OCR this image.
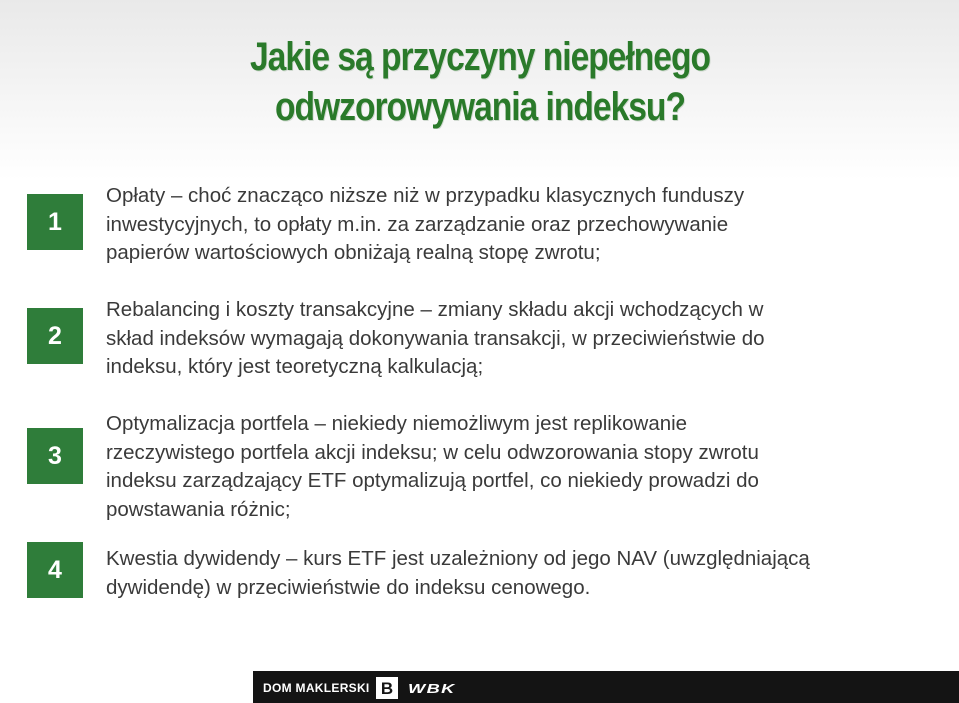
Jakie są przyczyny niepełnego
odwzorowywania indeksu?
1
Opłaty – choć znacząco niższe niż w przypadku klasycznych funduszy
inwestycyjnych, to opłaty m.in. za zarządzanie oraz przechowywanie
papierów wartościowych obniżają realną stopę zwrotu;
2
Rebalancing i koszty transakcyjne – zmiany składu akcji wchodzących w
skład indeksów wymagają dokonywania transakcji, w przeciwieństwie do
indeksu, który jest teoretyczną kalkulacją;
3
Optymalizacja portfela – niekiedy niemożliwym jest replikowanie
rzeczywistego portfela akcji indeksu; w celu odwzorowania stopy zwrotu
indeksu zarządzający ETF optymalizują portfel, co niekiedy prowadzi do
powstawania różnic;
4	Kwestia dywidendy – kurs ETF jest uzależniony od jego NAV (uwzględniającą
dywidendę) w przeciwieństwie do indeksu cenowego.
DOM MAKLERSKI B WBK
